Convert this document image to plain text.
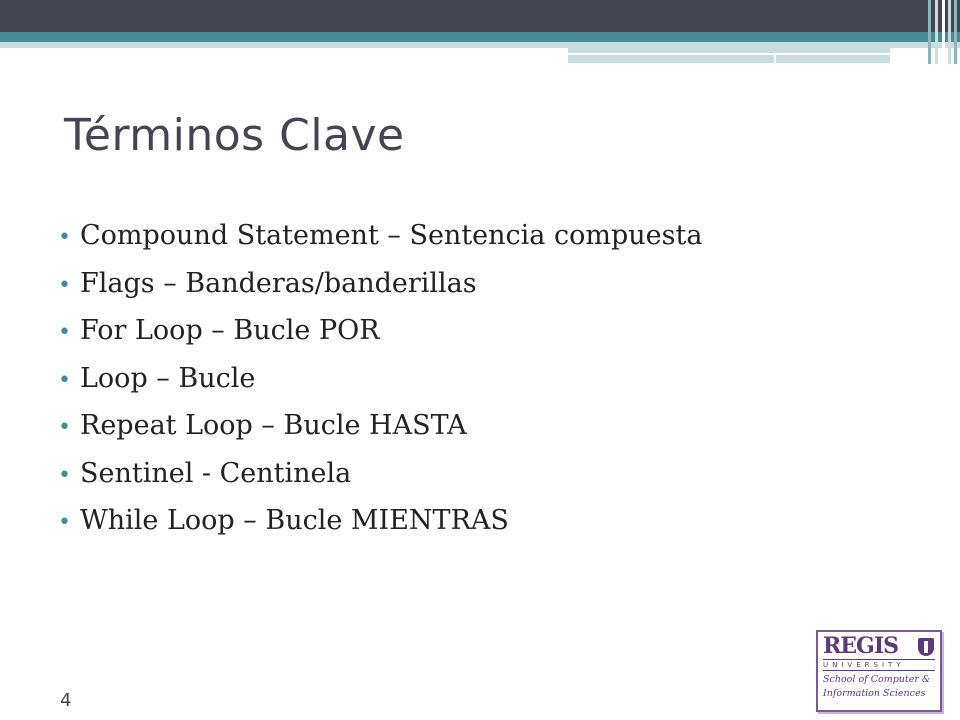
Términos Clave
• Compound Statement – Sentencia compuesta
• Flags – Banderas/banderillas
• For Loop – Bucle POR
• Loop – Bucle
• Repeat Loop – Bucle HASTA
• Sentinel - Centinela
• While Loop – Bucle MIENTRAS
4
REGIS
UNIVERSITY
School of Computer &
Information Sciences
